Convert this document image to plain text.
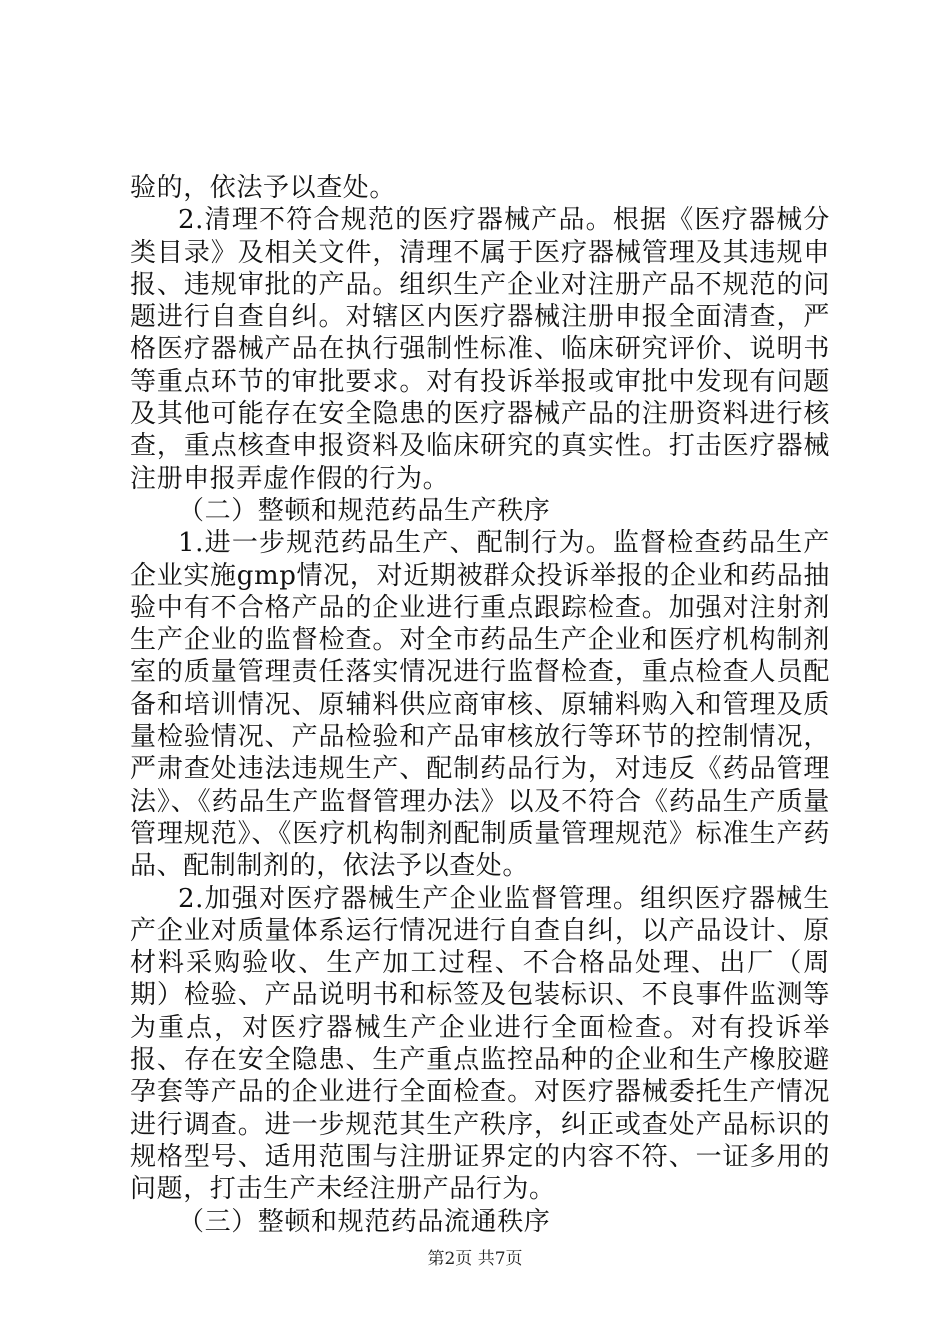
验的，依法予以查处。

2.清理不符合规范的医疗器械产品。根据《医疗器械分类目录》及相关文件，清理不属于医疗器械管理及其违规申报、违规审批的产品。组织生产企业对注册产品不规范的问题进行自查自纠。对辖区内医疗器械注册申报全面清查，严格医疗器械产品在执行强制性标准、临床研究评价、说明书等重点环节的审批要求。对有投诉举报或审批中发现有问题及其他可能存在安全隐患的医疗器械产品的注册资料进行核查，重点核查申报资料及临床研究的真实性。打击医疗器械注册申报弄虚作假的行为。

（二）整顿和规范药品生产秩序

1.进一步规范药品生产、配制行为。监督检查药品生产企业实施gmp情况，对近期被群众投诉举报的企业和药品抽验中有不合格产品的企业进行重点跟踪检查。加强对注射剂生产企业的监督检查。对全市药品生产企业和医疗机构制剂室的质量管理责任落实情况进行监督检查，重点检查人员配备和培训情况、原辅料供应商审核、原辅料购入和管理及质量检验情况、产品检验和产品审核放行等环节的控制情况，严肃查处违法违规生产、配制药品行为，对违反《药品管理法》、《药品生产监督管理办法》以及不符合《药品生产质量管理规范》、《医疗机构制剂配制质量管理规范》标准生产药品、配制制剂的，依法予以查处。

2.加强对医疗器械生产企业监督管理。组织医疗器械生产企业对质量体系运行情况进行自查自纠，以产品设计、原材料采购验收、生产加工过程、不合格品处理、出厂（周期）检验、产品说明书和标签及包装标识、不良事件监测等为重点，对医疗器械生产企业进行全面检查。对有投诉举报、存在安全隐患、生产重点监控品种的企业和生产橡胶避孕套等产品的企业进行全面检查。对医疗器械委托生产情况进行调查。进一步规范其生产秩序，纠正或查处产品标识的规格型号、适用范围与注册证界定的内容不符、一证多用的问题，打击生产未经注册产品行为。

（三）整顿和规范药品流通秩序

第2页 共7页
